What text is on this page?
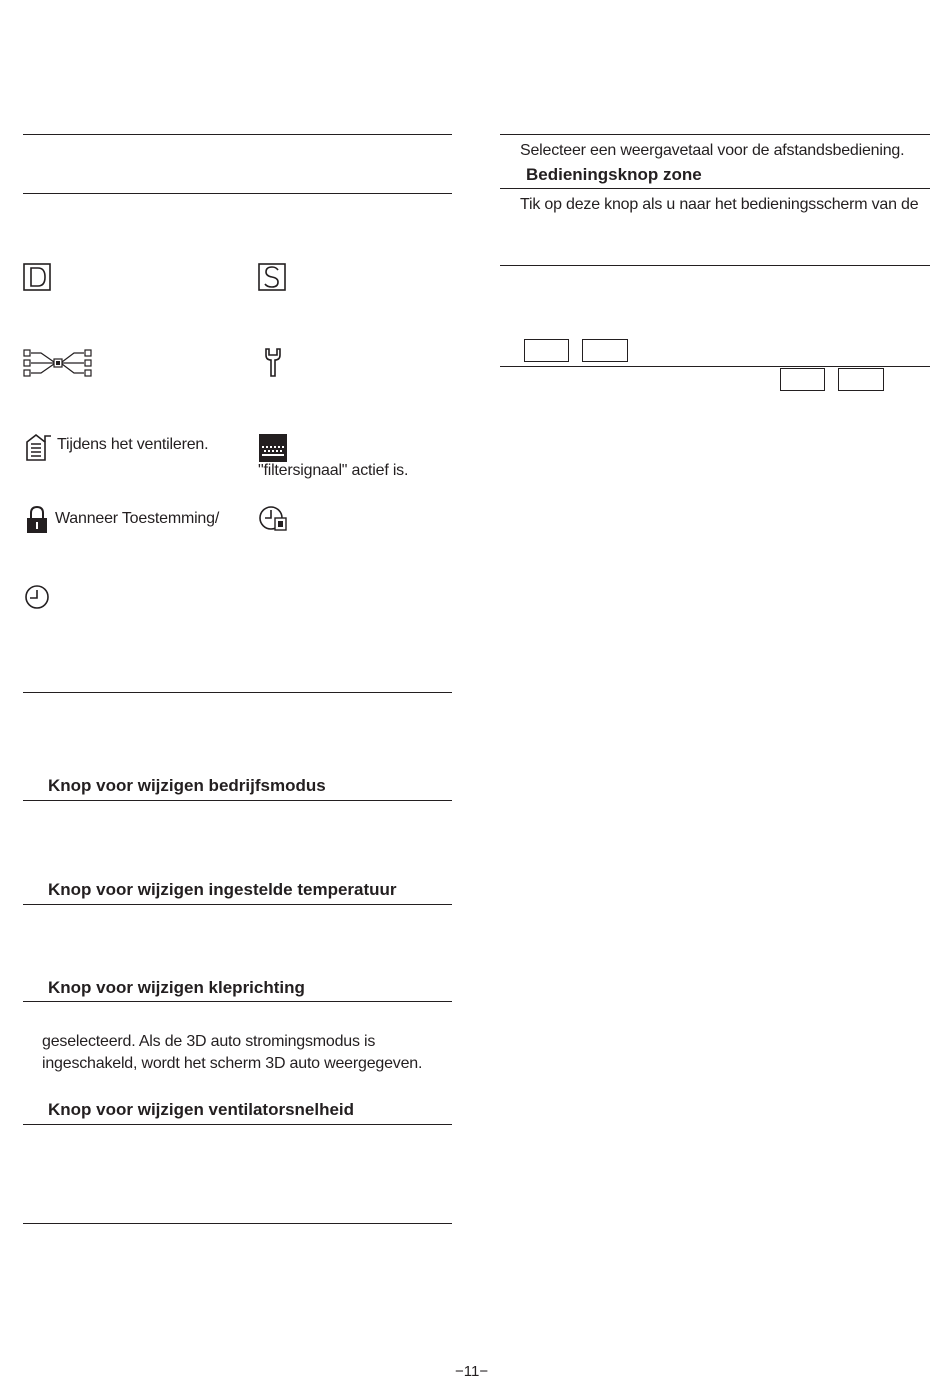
Tijdens het ventileren.
"filtersignaal" actief is.
Wanneer Toestemming/
Knop voor wijzigen bedrijfsmodus
Knop voor wijzigen ingestelde temperatuur
Knop voor wijzigen kleprichting
geselecteerd. Als de 3D auto stromingsmodus is
ingeschakeld, wordt het scherm 3D auto weergegeven.
Knop voor wijzigen ventilatorsnelheid
Selecteer een weergavetaal voor de afstandsbediening.
Bedieningsknop zone
Tik op deze knop als u naar het bedieningsscherm van de
−11−
